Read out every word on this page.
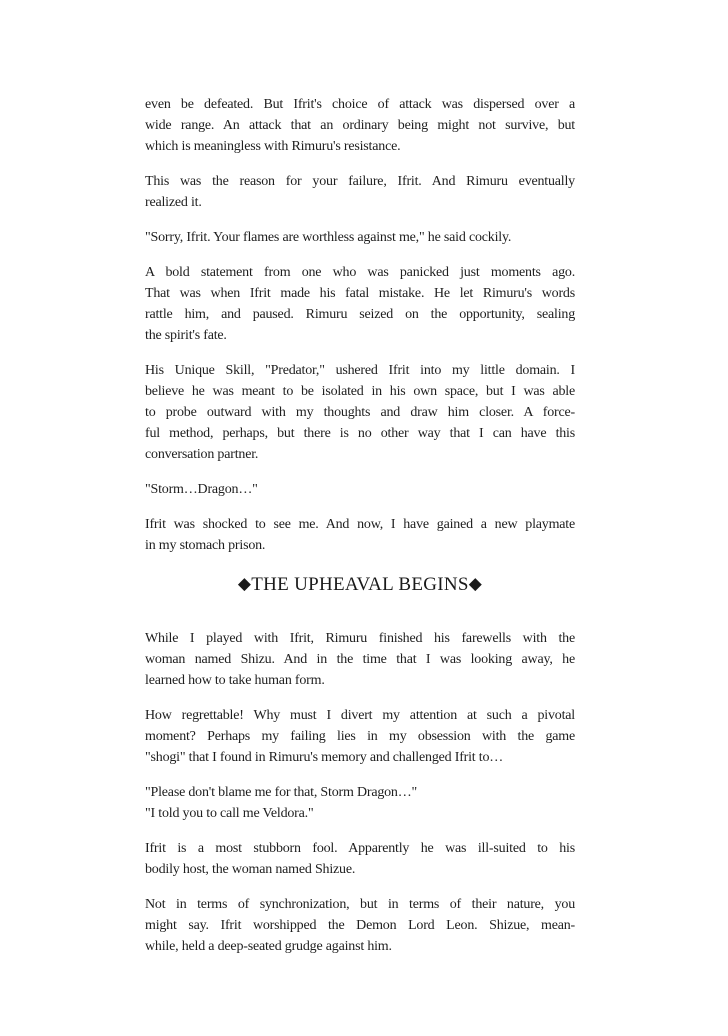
even be defeated. But Ifrit's choice of attack was dispersed over a
wide range. An attack that an ordinary being might not survive, but
which is meaningless with Rimuru's resistance.
This was the reason for your failure, Ifrit. And Rimuru eventually
realized it.
"Sorry, Ifrit. Your flames are worthless against me," he said cockily.
A bold statement from one who was panicked just moments ago.
That was when Ifrit made his fatal mistake. He let Rimuru's words
rattle him, and paused. Rimuru seized on the opportunity, sealing
the spirit's fate.
His Unique Skill, "Predator," ushered Ifrit into my little domain. I
believe he was meant to be isolated in his own space, but I was able
to probe outward with my thoughts and draw him closer. A force-
ful method, perhaps, but there is no other way that I can have this
conversation partner.
"Storm…Dragon…"
Ifrit was shocked to see me. And now, I have gained a new playmate
in my stomach prison.
◆THE UPHEAVAL BEGINS◆
While I played with Ifrit, Rimuru finished his farewells with the
woman named Shizu. And in the time that I was looking away, he
learned how to take human form.
How regrettable! Why must I divert my attention at such a pivotal
moment? Perhaps my failing lies in my obsession with the game
"shogi" that I found in Rimuru's memory and challenged Ifrit to…
"Please don't blame me for that, Storm Dragon…"
"I told you to call me Veldora."
Ifrit is a most stubborn fool. Apparently he was ill-suited to his
bodily host, the woman named Shizue.
Not in terms of synchronization, but in terms of their nature, you
might say. Ifrit worshipped the Demon Lord Leon. Shizue, mean-
while, held a deep-seated grudge against him.
